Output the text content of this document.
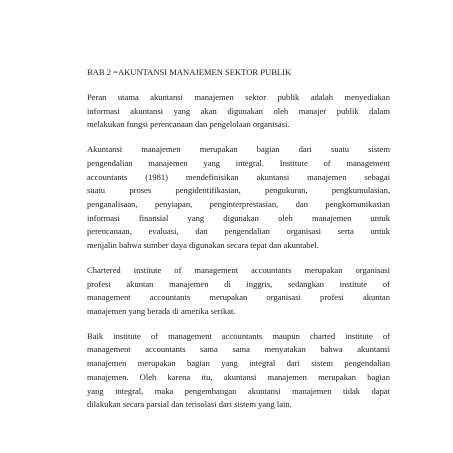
BAB 2 =AKUNTANSI MANAJEMEN SEKTOR PUBLIK
Peran utama akuntansi manajemen sektor publik adalah menyediakan
informasi akuntansi yang akan digunakan oleh manajer publik dalam
melakukan fungsi perencanaan dan pengelolaan organisasi.
Akuntansi manajemen merupakan bagian dari suatu sistem
pengendalian manajemen yang integral. Institute of management
accountants (1981) mendefinisikan akuntansi manajemen sebagai
suatu proses pengidentifikasian, pengukuran, pengkumulasian,
penganalisaan, penyiapan, penginterprestasian, dan pengkomunikasian
informasi finansial yang digunakan oleh manajemen untuk
perencanaan, evaluasi, dan pengendalian organisasi serta untuk
menjalin bahwa sumber daya digunakan secara tepat dan akuntabel.
Chartered institute of management accountants merupakan organisasi
profesi akuntan manajemen di inggris, sedangkan institute of
management accountants merupakan organisasi profesi akuntan
manajemen yang berada di amerika serikat.
Baik institute of management accountants maupun charted institute of
management accountants sama sama menyatakan bahwa akuntansi
manajemen merupakan bagian yang integral dari sistem pengendalian
manajemen. Oleh karena itu, akuntansi manajemen merupakan bagian
yang integral, maka pengembangan akuntansi manajemen tidak dapat
dilakukan secara parsial dan terisolasi dari sistem yang lain.
